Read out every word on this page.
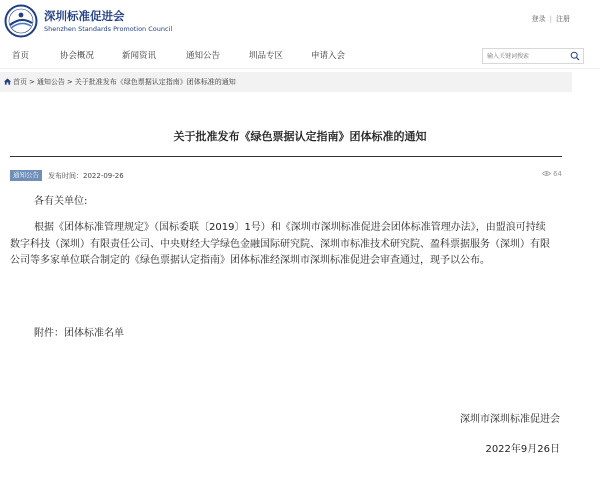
深圳标准促进会
Shenzhen Standards Promotion Council
登录 | 注册
首页	协会概况	新闻资讯	通知公告	圳品专区	申请入会
输入关键词搜索
首页 > 通知公告 > 关于批准发布《绿色票据认定指南》团体标准的通知
关于批准发布《绿色票据认定指南》团体标准的通知
通知公告	发布时间：2022-09-26	64
各有关单位:
根据《团体标准管理规定》（国标委联〔2019〕1号）和《深圳市深圳标准促进会团体标准管理办法》，由盟浪可持续数字科技（深圳）有限责任公司、中央财经大学绿色金融国际研究院、深圳市标准技术研究院、盈科票据服务（深圳）有限公司等多家单位联合制定的《绿色票据认定指南》团体标准经深圳市深圳标准促进会审查通过，现予以公布。
附件：团体标准名单
深圳市深圳标准促进会
2022年9月26日
